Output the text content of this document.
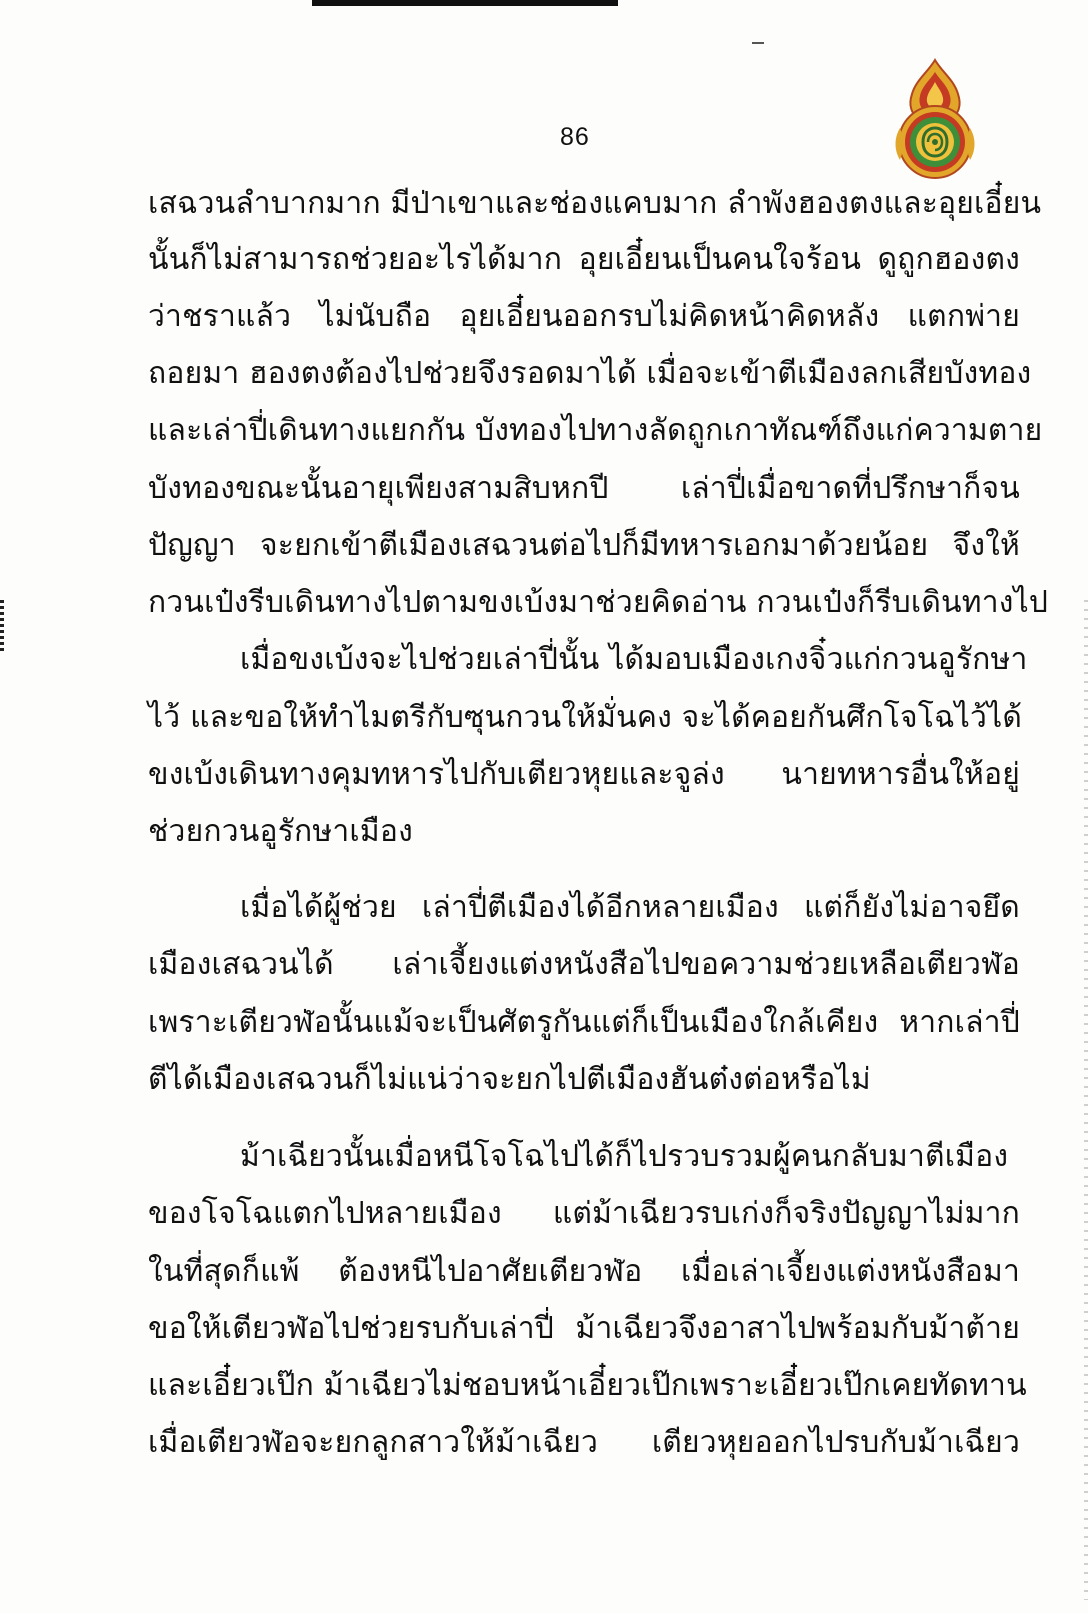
86
เสฉวนลำบากมาก มีป่าเขาและช่องแคบมาก ลำพังฮองตงและอุยเอี๋ยน
นั้นก็ไม่สามารถช่วยอะไรได้มาก อุยเอี๋ยนเป็นคนใจร้อน ดูถูกฮองตง
ว่าชราแล้ว ไม่นับถือ อุยเอี๋ยนออกรบไม่คิดหน้าคิดหลัง แตกพ่าย
ถอยมา ฮองตงต้องไปช่วยจึงรอดมาได้ เมื่อจะเข้าตีเมืองลกเสียบังทอง
และเล่าปี่เดินทางแยกกัน บังทองไปทางลัดถูกเกาทัณฑ์ถึงแก่ความตาย
บังทองขณะนั้นอายุเพียงสามสิบหกปี เล่าปี่เมื่อขาดที่ปรึกษาก็จน
ปัญญา จะยกเข้าตีเมืองเสฉวนต่อไปก็มีทหารเอกมาด้วยน้อย จึงให้
กวนเป๋งรีบเดินทางไปตามขงเบ้งมาช่วยคิดอ่าน กวนเป๋งก็รีบเดินทางไป
เมื่อขงเบ้งจะไปช่วยเล่าปี่นั้น ได้มอบเมืองเกงจิ๋วแก่กวนอูรักษา
ไว้ และขอให้ทำไมตรีกับซุนกวนให้มั่นคง จะได้คอยกันศึกโจโฉไว้ได้
ขงเบ้งเดินทางคุมทหารไปกับเตียวหุยและจูล่ง นายทหารอื่นให้อยู่
ช่วยกวนอูรักษาเมือง
เมื่อได้ผู้ช่วย เล่าปี่ตีเมืองได้อีกหลายเมือง แต่ก็ยังไม่อาจยึด
เมืองเสฉวนได้ เล่าเจี้ยงแต่งหนังสือไปขอความช่วยเหลือเตียวฬ่อ
เพราะเตียวฬ่อนั้นแม้จะเป็นศัตรูกันแต่ก็เป็นเมืองใกล้เคียง หากเล่าปี่
ตีได้เมืองเสฉวนก็ไม่แน่ว่าจะยกไปตีเมืองฮันต๋งต่อหรือไม่
ม้าเฉียวนั้นเมื่อหนีโจโฉไปได้ก็ไปรวบรวมผู้คนกลับมาตีเมือง
ของโจโฉแตกไปหลายเมือง แต่ม้าเฉียวรบเก่งก็จริงปัญญาไม่มาก
ในที่สุดก็แพ้ ต้องหนีไปอาศัยเตียวฬ่อ เมื่อเล่าเจี้ยงแต่งหนังสือมา
ขอให้เตียวฬ่อไปช่วยรบกับเล่าปี่ ม้าเฉียวจึงอาสาไปพร้อมกับม้าต้าย
และเอี๋ยวเป๊ก ม้าเฉียวไม่ชอบหน้าเอี๋ยวเป๊กเพราะเอี๋ยวเป๊กเคยทัดทาน
เมื่อเตียวฬ่อจะยกลูกสาวให้ม้าเฉียว เตียวหุยออกไปรบกับม้าเฉียว
